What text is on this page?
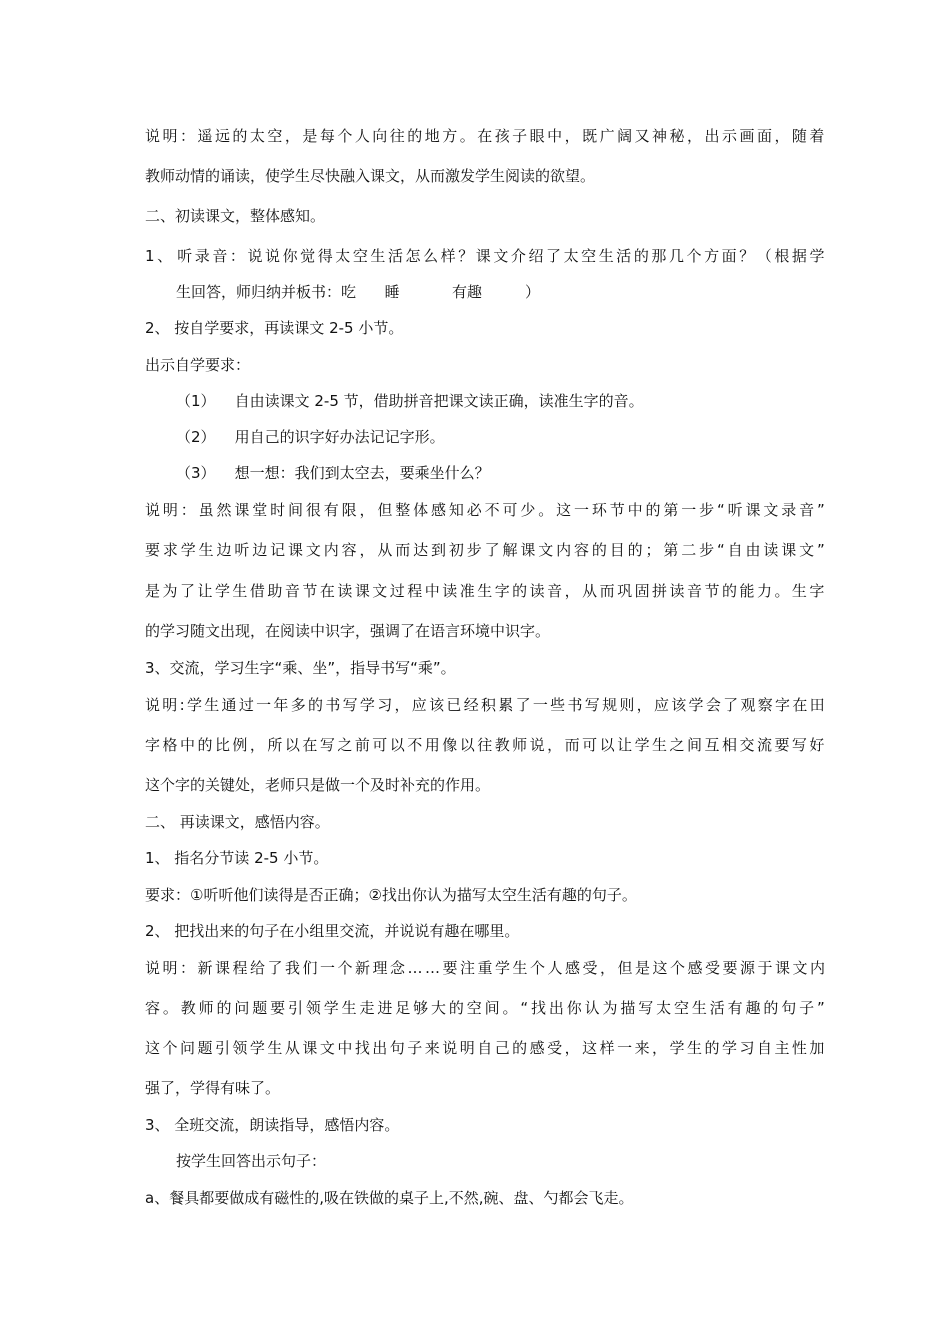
说 明 ： 遥 远 的 太 空 ， 是 每 个 人 向 往 的 地 方 。 在 孩 子 眼 中 ， 既 广 阔 又 神 秘 ， 出 示 画 面 ， 随 着
教师动情的诵读，使学生尽快融入课文，从而激发学生阅读的欲望。
二、初读课文，整体感知。
1 、 听 录 音 ： 说 说 你 觉 得 太 空 生 活 怎 么 样 ？ 课 文 介 绍 了 太 空 生 活 的 那 几 个 方 面 ？ （ 根 据 学
生回答，师归纳并板书：吃      睡           有趣         ）
2、 按自学要求，再读课文 2-5 小节。
出示自学要求：
（1）    自由读课文 2-5 节，借助拼音把课文读正确，读准生字的音。
（2）    用自己的识字好办法记记字形。
（3）    想一想：我们到太空去，要乘坐什么？
说 明 ： 虽 然 课 堂 时 间 很 有 限 ， 但 整 体 感 知 必 不 可 少 。 这 一 环 节 中 的 第 一 步 “ 听 课 文 录 音 ”
要 求 学 生 边 听 边 记 课 文 内 容 ， 从 而 达 到 初 步 了 解 课 文 内 容 的 目 的 ； 第 二 步 “ 自 由 读 课 文 ”
是 为 了 让 学 生 借 助 音 节 在 读 课 文 过 程 中 读 准 生 字 的 读 音 ， 从 而 巩 固 拼 读 音 节 的 能 力 。 生 字
的学习随文出现，在阅读中识字，强调了在语言环境中识字。
3、交流，学习生字“乘、坐”，指导书写“乘”。
说 明 : 学 生 通 过 一 年 多 的 书 写 学 习 ， 应 该 已 经 积 累 了 一 些 书 写 规 则 ， 应 该 学 会 了 观 察 字 在 田
字 格 中 的 比 例 ， 所 以 在 写 之 前 可 以 不 用 像 以 往 教 师 说 ， 而 可 以 让 学 生 之 间 互 相 交 流 要 写 好
这个字的关键处，老师只是做一个及时补充的作用。
二、 再读课文，感悟内容。
1、 指名分节读 2-5 小节。
要求：①听听他们读得是否正确；②找出你认为描写太空生活有趣的句子。
2、 把找出来的句子在小组里交流，并说说有趣在哪里。
说 明 ： 新 课 程 给 了 我 们 一 个 新 理 念 … … 要 注 重 学 生 个 人 感 受 ， 但 是 这 个 感 受 要 源 于 课 文 内
容 。 教 师 的 问 题 要 引 领 学 生 走 进 足 够 大 的 空 间 。 “ 找 出 你 认 为 描 写 太 空 生 活 有 趣 的 句 子 ”
这 个 问 题 引 领 学 生 从 课 文 中 找 出 句 子 来 说 明 自 己 的 感 受 ， 这 样 一 来 ， 学 生 的 学 习 自 主 性 加
强了，学得有味了。
3、 全班交流，朗读指导，感悟内容。
按学生回答出示句子：
a、餐具都要做成有磁性的,吸在铁做的桌子上,不然,碗、盘、勺都会飞走。
